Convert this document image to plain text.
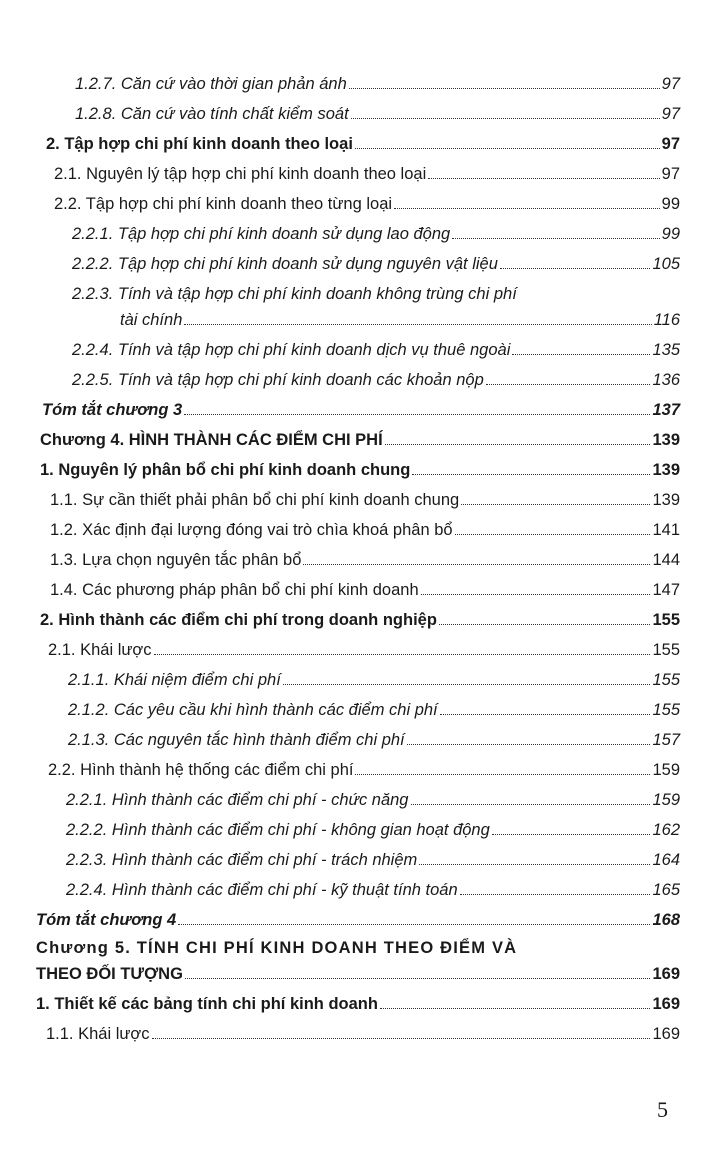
1.2.7. Căn cứ vào thời gian phản ánh	97
1.2.8. Căn cứ vào tính chất kiểm soát	97
2. Tập hợp chi phí kinh doanh theo loại	97
2.1. Nguyên lý tập hợp chi phí kinh doanh theo loại	97
2.2. Tập hợp chi phí kinh doanh theo từng loại	99
2.2.1. Tập hợp chi phí kinh doanh sử dụng lao động	99
2.2.2. Tập hợp chi phí kinh doanh sử dụng nguyên vật liệu	105
2.2.3. Tính và tập hợp chi phí kinh doanh không trùng chi phí
tài chính	116
2.2.4. Tính và tập hợp chi phí kinh doanh dịch vụ thuê ngoài	135
2.2.5. Tính và tập hợp chi phí kinh doanh các khoản nộp	136
Tóm tắt chương 3	137
Chương 4. HÌNH THÀNH CÁC ĐIỂM CHI PHÍ	139
1. Nguyên lý phân bổ chi phí kinh doanh chung	139
1.1. Sự cần thiết phải phân bổ chi phí kinh doanh chung	139
1.2. Xác định đại lượng đóng vai trò chìa khoá phân bổ	141
1.3. Lựa chọn nguyên tắc phân bổ	144
1.4. Các phương pháp phân bổ chi phí kinh doanh	147
2. Hình thành các điểm chi phí trong doanh nghiệp	155
2.1. Khái lược	155
2.1.1. Khái niệm điểm chi phí	155
2.1.2. Các yêu cầu khi hình thành các điểm chi phí	155
2.1.3. Các nguyên tắc hình thành điểm chi phí	157
2.2. Hình thành hệ thống các điểm chi phí	159
2.2.1. Hình thành các điểm chi phí - chức năng	159
2.2.2. Hình thành các điểm chi phí - không gian hoạt động	162
2.2.3. Hình thành các điểm chi phí - trách nhiệm	164
2.2.4. Hình thành các điểm chi phí - kỹ thuật tính toán	165
Tóm tắt chương 4	168
Chương 5. TÍNH CHI PHÍ KINH DOANH THEO ĐIỂM VÀ
THEO ĐỐI TƯỢNG	169
1. Thiết kế các bảng tính chi phí kinh doanh	169
1.1. Khái lược	169
5
